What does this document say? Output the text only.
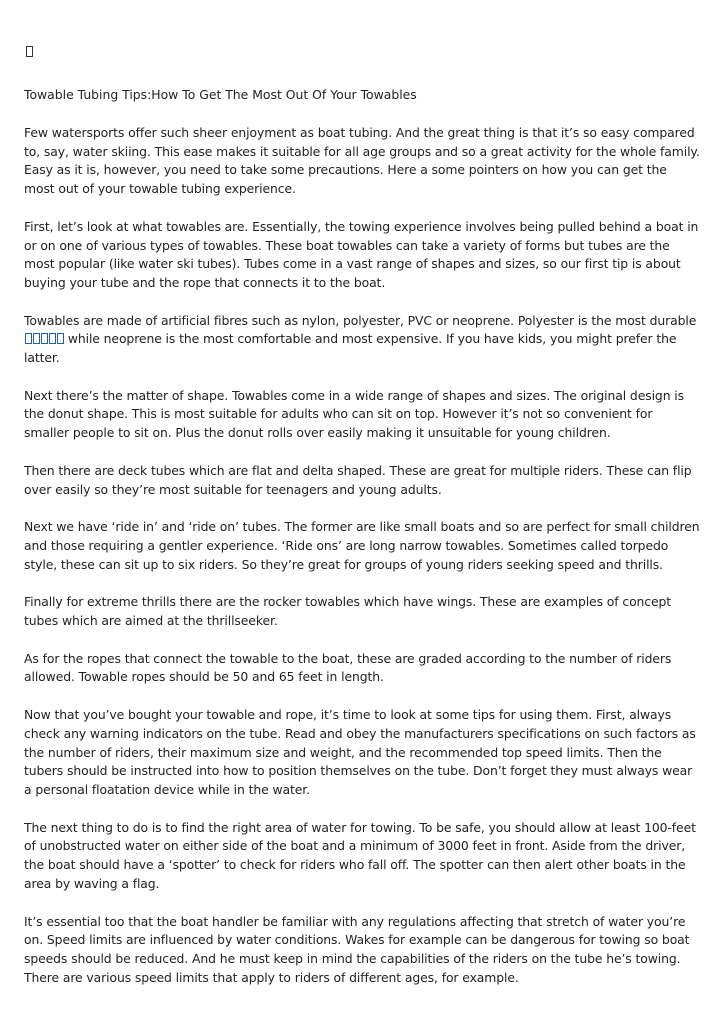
Towable Tubing Tips:How To Get The Most Out Of Your Towables

Few watersports offer such sheer enjoyment as boat tubing. And the great thing is that it’s so easy compared to, say, water skiing. This ease makes it suitable for all age groups and so a great activity for the whole family. Easy as it is, however, you need to take some precautions. Here a some pointers on how you can get the most out of your towable tubing experience.

First, let’s look at what towables are. Essentially, the towing experience involves being pulled behind a boat in or on one of various types of towables. These boat towables can take a variety of forms but tubes are the most popular (like water ski tubes). Tubes come in a vast range of shapes and sizes, so our first tip is about buying your tube and the rope that connects it to the boat.

Towables are made of artificial fibres such as nylon, polyester, PVC or neoprene. Polyester is the most durable  while neoprene is the most comfortable and most expensive. If you have kids, you might prefer the latter.

Next there’s the matter of shape. Towables come in a wide range of shapes and sizes. The original design is the donut shape. This is most suitable for adults who can sit on top. However it’s not so convenient for smaller people to sit on. Plus the donut rolls over easily making it unsuitable for young children.

Then there are deck tubes which are flat and delta shaped. These are great for multiple riders. These can flip over easily so they’re most suitable for teenagers and young adults.

Next we have ‘ride in’ and ‘ride on’ tubes. The former are like small boats and so are perfect for small children and those requiring a gentler experience. ‘Ride ons’ are long narrow towables. Sometimes called torpedo style, these can sit up to six riders. So they’re great for groups of young riders seeking speed and thrills.

Finally for extreme thrills there are the rocker towables which have wings. These are examples of concept tubes which are aimed at the thrillseeker.

As for the ropes that connect the towable to the boat, these are graded according to the number of riders allowed. Towable ropes should be 50 and 65 feet in length.

Now that you’ve bought your towable and rope, it’s time to look at some tips for using them. First, always check any warning indicators on the tube. Read and obey the manufacturers specifications on such factors as the number of riders, their maximum size and weight, and the recommended top speed limits. Then the tubers should be instructed into how to position themselves on the tube. Don’t forget they must always wear a personal floatation device while in the water.

The next thing to do is to find the right area of water for towing. To be safe, you should allow at least 100-feet of unobstructed water on either side of the boat and a minimum of 3000 feet in front. Aside from the driver, the boat should have a ‘spotter’ to check for riders who fall off. The spotter can then alert other boats in the area by waving a flag.

It’s essential too that the boat handler be familiar with any regulations affecting that stretch of water you’re on. Speed limits are influenced by water conditions. Wakes for example can be dangerous for towing so boat speeds should be reduced. And he must keep in mind the capabilities of the riders on the tube he’s towing. There are various speed limits that apply to riders of different ages, for example.
